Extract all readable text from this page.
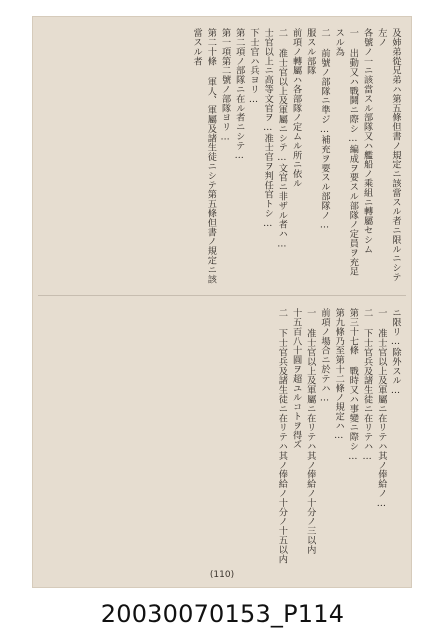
及姉弟從兄弟ハ第五條但書ノ規定ニ該當スル者ニ限ルニシテ左ノ
各號ノ一ニ該當スル部隊又ハ艦船ノ乘組ニ轉屬セシム
一 出動又ハ戰鬪ニ際シ…編成ヲ要スル部隊ノ定員ヲ充足スル為
二 前號ノ部隊ニ準ジ…補充ヲ要スル部隊ノ…
服スル部隊
前項ノ轉屬ハ各部隊ノ定ムル所ニ依ル
二 准士官以上及軍屬ニシテ…文官ニ非ザル者ハ…
士官以上ニ高等文官ヲ…准士官ヲ判任官トシ…
下士官ハ兵ヨリ…
第二項ノ部隊ニ在ル者ニシテ…
第一項第二號ノ部隊ヨリ…
第二十條 軍人、軍屬及諸生徒ニシテ第五條但書ノ規定ニ該當スル者
ニ限リ…除外スル…
一 准士官以上及軍屬ニ在リテハ其ノ俸給ノ…
二 下士官兵及諸生徒ニ在リテハ…
第三十七條 戰時又ハ事變ニ際シ…
第九條乃至第十二條ノ規定ハ…
前項ノ場合ニ於テハ…
一 准士官以上及軍屬ニ在リテハ其ノ俸給ノ十分ノ三以内
十五百八十圓ヲ超ユルコトヲ得ズ
二 下士官兵及諸生徒ニ在リテハ其ノ俸給ノ十分ノ十五以内
(110)
20030070153_P114
